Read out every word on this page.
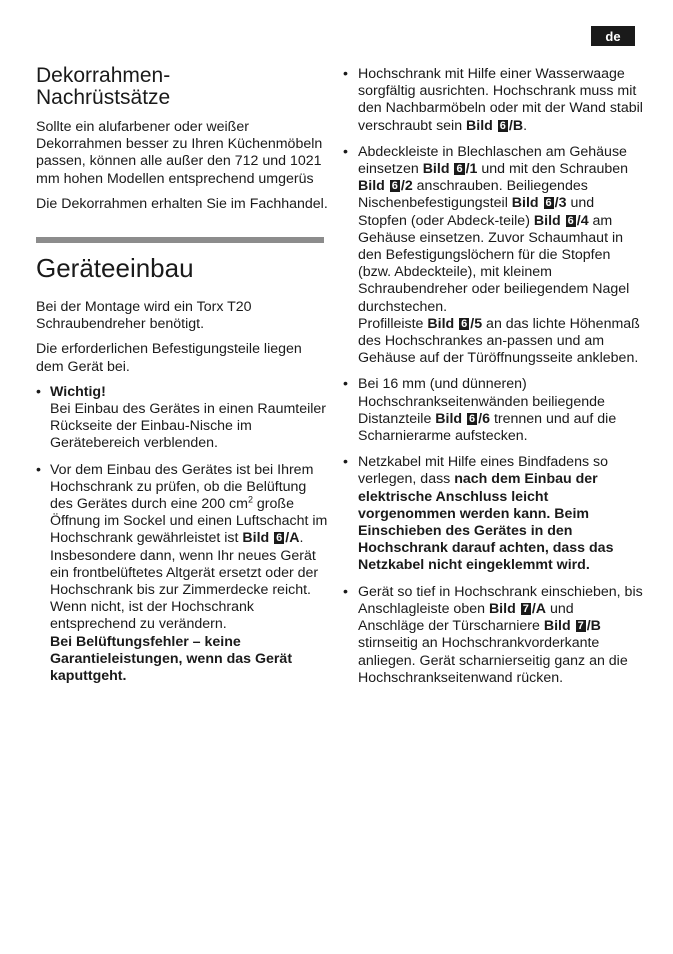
de
Dekorrahmen-
Nachrüstsätze

Sollte ein alufarbener oder weißer Dekorrahmen besser zu Ihren Küchenmöbeln passen, können alle außer den 712 und 1021 mm hohen Modellen entsprechend umgerüs

Die Dekorrahmen erhalten Sie im Fachhandel.

Geräteeinbau

Bei der Montage wird ein Torx T20 Schraubendreher benötigt.

Die erforderlichen Befestigungsteile liegen dem Gerät bei.

• Wichtig!
Bei Einbau des Gerätes in einen Raumteiler Rückseite der Einbau-Nische im Gerätebereich verblenden.
• Vor dem Einbau des Gerätes ist bei Ihrem Hochschrank zu prüfen, ob die Belüftung des Gerätes durch eine 200 $cm^2$ große Öffnung im Sockel und einen Luftschacht im Hochschrank gewährleistet ist Bild 6 /A. Insbesondere dann, wenn Ihr neues Gerät ein frontbelüftetes Altgerät ersetzt oder der Hochschrank bis zur Zimmerdecke reicht. Wenn nicht, ist der Hochschrank entsprechend zu verändern.
Bei Belüftungsfehler – keine Garantieleistungen, wenn das Gerät kaputtgeht.
• Hochschrank mit Hilfe einer Wasserwaage sorgfältig ausrichten. Hochschrank muss mit den Nachbarmöbeln oder mit der Wand stabil verschraubt sein Bild 6 /B.
• Abdeckleiste in Blechlaschen am Gehäuse einsetzen Bild 6 /1 und mit den Schrauben Bild 6 /2 anschrauben. Beiliegendes Nischenbefestigungsteil Bild 6 /3 und Stopfen (oder Abdeck-teile) Bild 6 /4 am Gehäuse einsetzen. Zuvor Schaumhaut in den Befestigungslöchern für die Stopfen (bzw. Abdeckteile), mit kleinem Schraubendreher oder beiliegendem Nagel durchstechen.
Profilleiste Bild 6 /5 an das lichte Höhenmaß des Hochschrankes an-passen und am Gehäuse auf der Türöffnungsseite ankleben.
• Bei 16 mm (und dünneren) Hochschrankseitenwänden beiliegende Distanzteile Bild 6 /6 trennen und auf die Scharnierarme aufstecken.
• Netzkabel mit Hilfe eines Bindfadens so verlegen, dass nach dem Einbau der elektrische Anschluss leicht vorgenommen werden kann. Beim Einschieben des Gerätes in den Hochschrank darauf achten, dass das Netzkabel nicht eingeklemmt wird.
• Gerät so tief in Hochschrank einschieben, bis Anschlagleiste oben Bild 7 /A und Anschläge der Türscharniere Bild 7 /B stirnseitig an Hochschrankvorderkante anliegen. Gerät scharnierseitig ganz an die Hochschrankseitenwand rücken.
